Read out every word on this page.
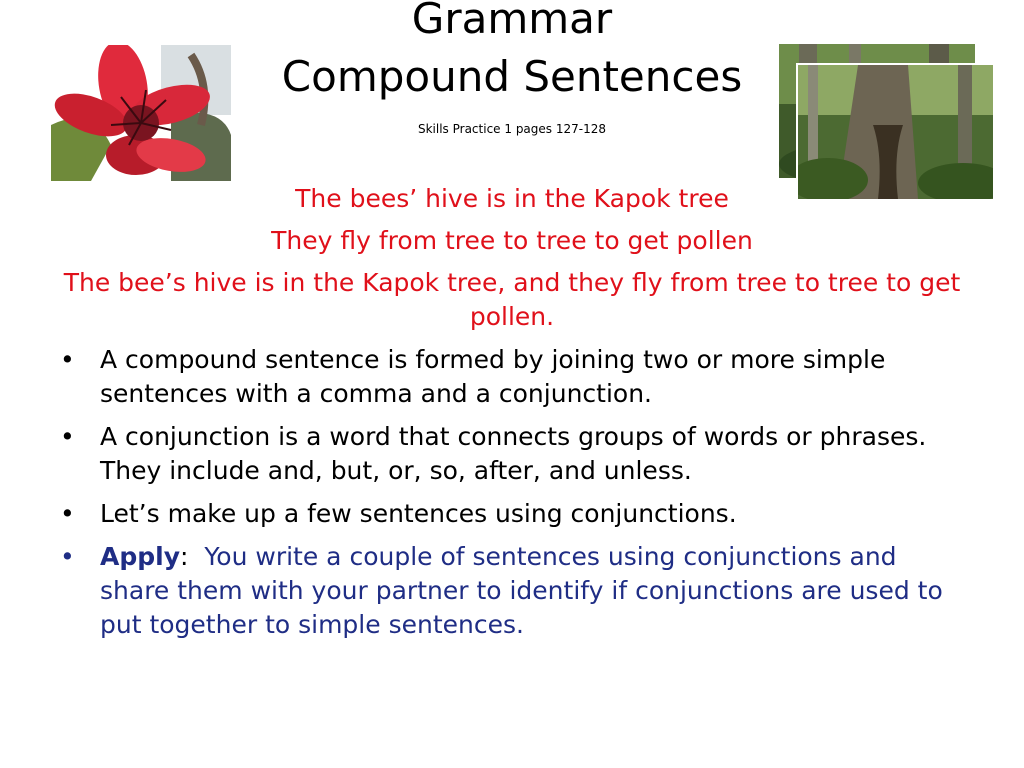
Grammar
Compound Sentences
Skills Practice 1 pages 127-128
The bees’ hive is in the Kapok tree
They fly from tree to tree to get pollen
The bee’s hive is in the Kapok tree, and they fly from tree to tree to get pollen.
• A compound sentence is formed by joining two or more simple sentences with a comma and a conjunction.
• A conjunction is a word that connects groups of words or phrases. They include and, but, or, so, after, and unless.
• Let’s make up a few sentences using conjunctions.
• Apply:  You write a couple of sentences using conjunctions and share them with your partner to identify if conjunctions are used to put together to simple sentences.
